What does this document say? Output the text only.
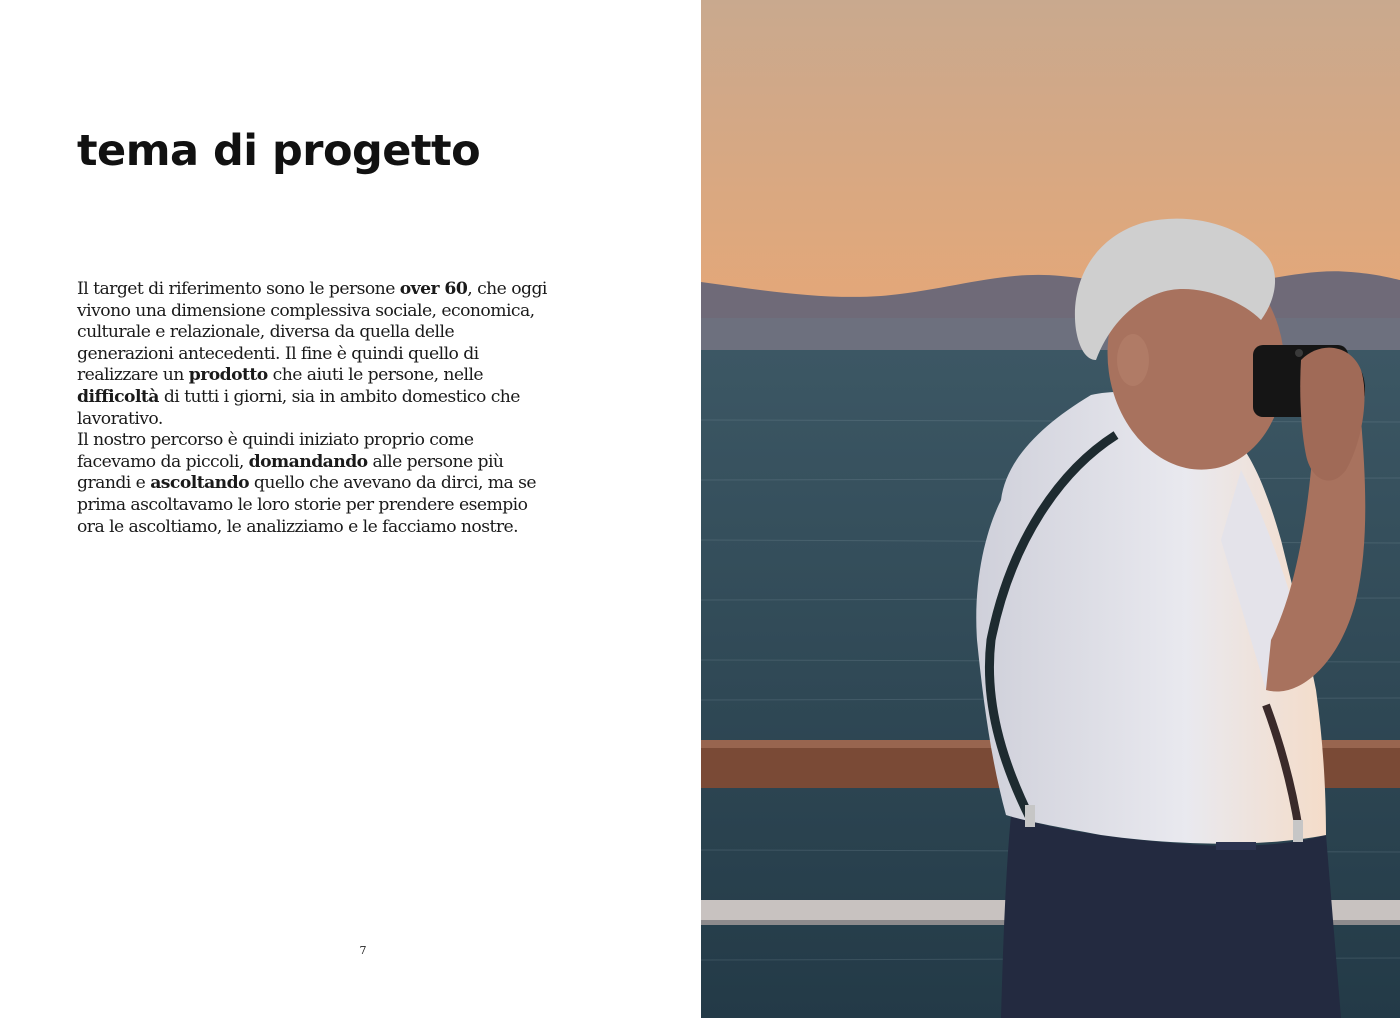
tema di progetto

Il target di riferimento sono le persone over 60, che oggi vivono una dimensione complessiva sociale, economica, culturale e relazionale, diversa da quella delle generazioni antecedenti. Il fine è quindi quello di realizzare un prodotto che aiuti le persone, nelle difficoltà di tutti i giorni, sia in ambito domestico che lavorativo.

Il nostro percorso è quindi iniziato proprio come facevamo da piccoli, domandando alle persone più grandi e ascoltando quello che avevano da dirci, ma se prima ascoltavamo le loro storie per prendere esempio ora le ascoltiamo, le analizziamo e le facciamo nostre.

7
